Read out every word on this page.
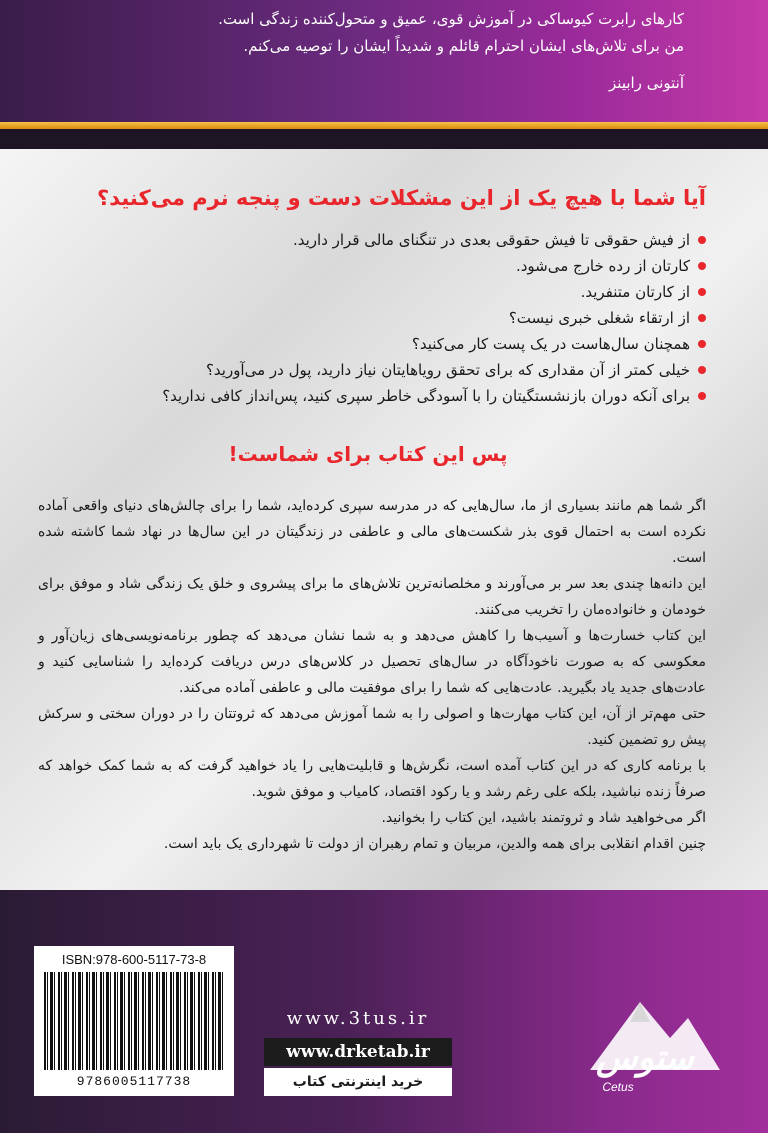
کارهای رابرت کیوساکی در آموزش قوی، عمیق و متحول‌کننده زندگی است.

من برای تلاش‌های ایشان احترام قائلم و شدیداً ایشان را توصیه می‌کنم.

آنتونی رابینز

آیا شما با هیچ یک از این مشکلات دست و پنجه نرم می‌کنید؟
از فیش حقوقی تا فیش حقوقی بعدی در تنگنای مالی قرار دارید.
کارتان از رده خارج می‌شود.
از کارتان متنفرید.
از ارتقاء شغلی خبری نیست؟
همچنان سال‌هاست در یک پست کار می‌کنید؟
خیلی کمتر از آن مقداری که برای تحقق رویاهایتان نیاز دارید، پول در می‌آورید؟
برای آنکه دوران بازنشستگیتان را با آسودگی خاطر سپری کنید، پس‌انداز کافی ندارید؟
پس این کتاب برای شماست!

اگر شما هم مانند بسیاری از ما، سال‌هایی که در مدرسه سپری کرده‌اید، شما را برای چالش‌های دنیای واقعی آماده نکرده است به احتمال قوی بذر شکست‌های مالی و عاطفی در زندگیتان در این سال‌ها در نهاد شما کاشته شده است.

این دانه‌ها چندی بعد سر بر می‌آورند و مخلصانه‌ترین تلاش‌های ما برای پیشروی و خلق یک زندگی شاد و موفق برای خودمان و خانواده‌مان را تخریب می‌کنند.

این کتاب خسارت‌ها و آسیب‌ها را کاهش می‌دهد و به شما نشان می‌دهد که چطور برنامه‌نویسی‌های زیان‌آور و معکوسی که به صورت ناخودآگاه در سال‌های تحصیل در کلاس‌های درس دریافت کرده‌اید را شناسایی کنید و عادت‌های جدید یاد بگیرید. عادت‌هایی که شما را برای موفقیت مالی و عاطفی آماده می‌کند.

حتی مهم‌تر از آن، این کتاب مهارت‌ها و اصولی را به شما آموزش می‌دهد که ثروتتان را در دوران سختی و سرکش پیش رو تضمین کنید.

با برنامه کاری که در این کتاب آمده است، نگرش‌ها و قابلیت‌هایی را یاد خواهید گرفت که به شما کمک خواهد که صرفاً زنده نباشید، بلکه علی رغم رشد و یا رکود اقتصاد، کامیاب و موفق شوید.

اگر می‌خواهید شاد و ثروتمند باشید، این کتاب را بخوانید.

چنین اقدام انقلابی برای همه والدین، مربیان و تمام رهبران از دولت تا شهرداری یک باید است.

ISBN:978-600-5117-73-8
9786005117738
www.3tus.ir
www.drketab.ir
خرید اینترنتی کتاب
ستوس
Cetus
